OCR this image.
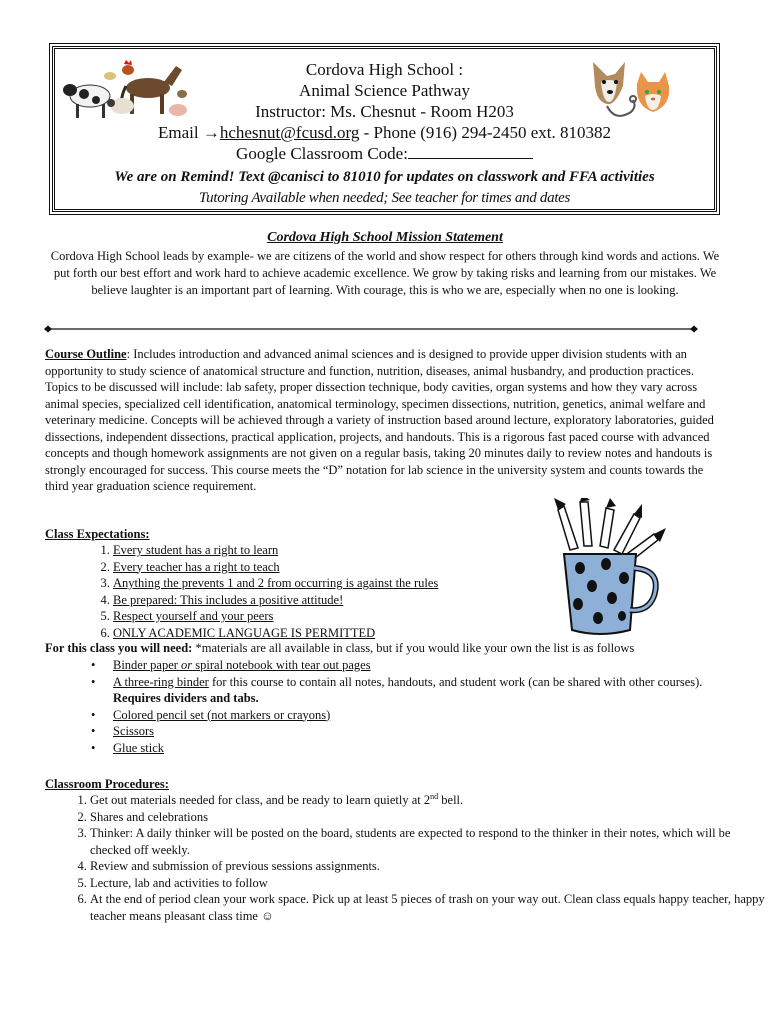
Cordova High School :
Animal Science Pathway
Instructor: Ms. Chesnut - Room H203
Email →hchesnut@fcusd.org - Phone (916) 294-2450 ext. 810382
Google Classroom Code:
We are on Remind! Text @canisci to 81010 for updates on classwork and FFA activities
Tutoring Available when needed; See teacher for times and dates
Cordova High School Mission Statement
Cordova High School leads by example- we are citizens of the world and show respect for others through kind words and actions. We put forth our best effort and work hard to achieve academic excellence. We grow by taking risks and learning from our mistakes. We believe laughter is an important part of learning. With courage, this is who we are, especially when no one is looking.
Course Outline: Includes introduction and advanced animal sciences and is designed to provide upper division students with an opportunity to study science of anatomical structure and function, nutrition, diseases, animal husbandry, and production practices. Topics to be discussed will include: lab safety, proper dissection technique, body cavities, organ systems and how they vary across animal species, specialized cell identification, anatomical terminology, specimen dissections, nutrition, genetics, animal welfare and veterinary medicine. Concepts will be achieved through a variety of instruction based around lecture, exploratory laboratories, guided dissections, independent dissections, practical application, projects, and handouts. This is a rigorous fast paced course with advanced concepts and though homework assignments are not given on a regular basis, taking 20 minutes daily to review notes and handouts is strongly encouraged for success. This course meets the “D” notation for lab science in the university system and counts towards the third year graduation science requirement.
Class Expectations:
1. Every student has a right to learn
2. Every teacher has a right to teach
3. Anything the prevents 1 and 2 from occurring is against the rules
4. Be prepared: This includes a positive attitude!
5. Respect yourself and your peers
6. ONLY ACADEMIC LANGUAGE IS PERMITTED
For this class you will need: *materials are all available in class, but if you would like your own the list is as follows
• Binder paper or spiral notebook with tear out pages
• A three-ring binder for this course to contain all notes, handouts, and student work (can be shared with other courses). Requires dividers and tabs.
• Colored pencil set (not markers or crayons)
• Scissors
• Glue stick
Classroom Procedures:
1. Get out materials needed for class, and be ready to learn quietly at 2nd bell.
2. Shares and celebrations
3. Thinker: A daily thinker will be posted on the board, students are expected to respond to the thinker in their notes, which will be checked off weekly.
4. Review and submission of previous sessions assignments.
5. Lecture, lab and activities to follow
6. At the end of period clean your work space. Pick up at least 5 pieces of trash on your way out. Clean class equals happy teacher, happy teacher means pleasant class time ☺
